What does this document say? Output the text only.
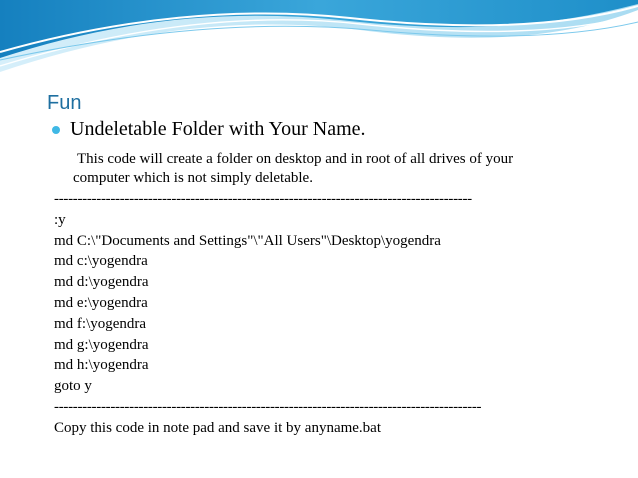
Fun
Undeletable Folder with Your Name.

This code will create a folder on desktop and in root of all drives of your
computer which is not simply deletable.

-----------------------------------------------------------------------------------------
:y
md C:\"Documents and Settings"\"All Users"\Desktop\yogendra
md c:\yogendra
md d:\yogendra
md e:\yogendra
md f:\yogendra
md g:\yogendra
md h:\yogendra
goto y
-------------------------------------------------------------------------------------------
Copy this code in note pad and save it by anyname.bat
